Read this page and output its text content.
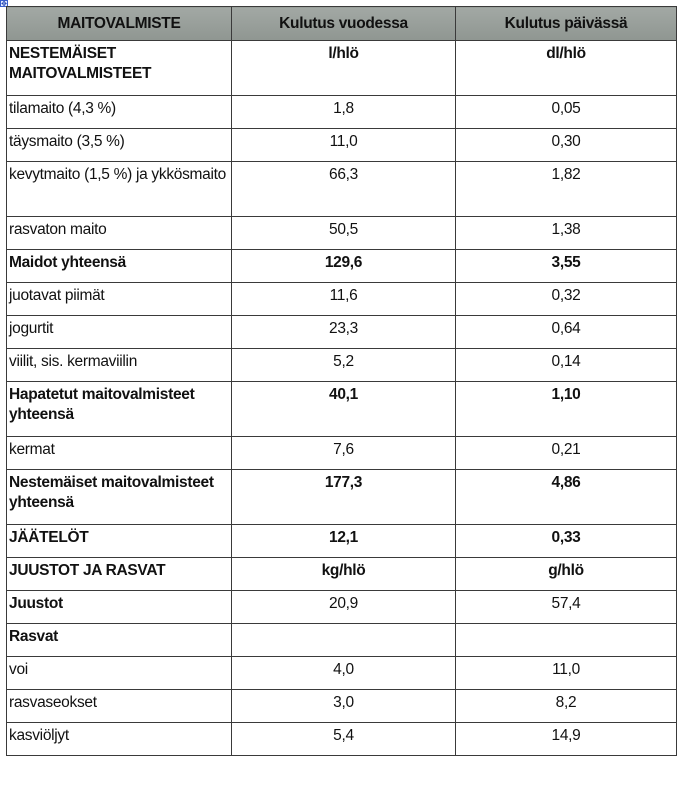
✥
MAITOVALMISTE	Kulutus vuodessa	Kulutus päivässä
NESTEMÄISET MAITOVALMISTEET	l/hlö	dl/hlö
tilamaito (4,3 %)	1,8	0,05
täysmaito (3,5 %)	11,0	0,30
kevytmaito (1,5 %) ja ykkösmaito	66,3	1,82
rasvaton maito	50,5	1,38
Maidot yhteensä	129,6	3,55
juotavat piimät	11,6	0,32
jogurtit	23,3	0,64
viilit, sis. kermaviilin	5,2	0,14
Hapatetut maitovalmisteet yhteensä	40,1	1,10
kermat	7,6	0,21
Nestemäiset maitovalmisteet yhteensä	177,3	4,86
JÄÄTELÖT	12,1	0,33
JUUSTOT JA RASVAT	kg/hlö	g/hlö
Juustot	20,9	57,4
Rasvat		
voi	4,0	11,0
rasvaseokset	3,0	8,2
kasviöljyt	5,4	14,9
